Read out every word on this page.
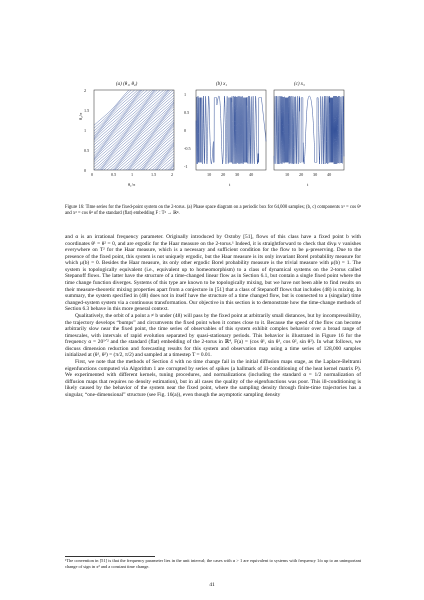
(a) (θ₁, θ₂)
θ₂/π
θ₁/π
0	0.5	1	1.5	2
0
0.5
1
1.5
2
(b) x₁
t
10 20 30 40
-1
-0.5
0
0.5
1
(c) x₃
t
10 20 30 40
Figure 16: Time series for the fixed-point system on the 2-torus. (a) Phase space diagram on a periodic box for 64,000 samples; (b, c) components x¹ = cos θ¹ and x³ = cos θ² of the standard (flat) embedding F : T² → ℝ⁴.

and α is an irrational frequency parameter. Originally introduced by Oxtoby [51], flows of this class have a fixed point b with coordinates θ¹ = θ² = 0, and are ergodic for the Haar measure on the 2-torus.¹ Indeed, it is straightforward to check that divμ v vanishes everywhere on T² for the Haar measure, which is a necessary and sufficient condition for the flow to be μ-preserving. Due to the presence of the fixed point, this system is not uniquely ergodic, but the Haar measure is its only invariant Borel probability measure for which μ(b) = 0. Besides the Haar measure, its only other ergodic Borel probability measure is the trivial measure with μ(b) = 1. The system is topologically equivalent (i.e., equivalent up to homeomorphism) to a class of dynamical systems on the 2-torus called Stepanoff flows. The latter have the structure of a time-changed linear flow as in Section 6.1, but contain a single fixed point where the time change function diverges. Systems of this type are known to be topologically mixing, but we have not been able to find results on their measure-theoretic mixing properties apart from a conjecture in [51] that a class of Stepanoff flows that includes (48) is mixing. In summary, the system specified in (48) does not in itself have the structure of a time changed flow, but is connected to a (singular) time changed-system system via a continuous transformation. Our objective in this section is to demonstrate how the time-change methods of Section 6.3 behave in this more general context.

Qualitatively, the orbit of a point a ≠ b under (48) will pass by the fixed point at arbitrarily small distances, but by incompressibility, the trajectory develops “bumps” and circumvents the fixed point when it comes close to it. Because the speed of the flow can become arbitrarily slow near the fixed point, the time series of observables of this system exhibit complex behavior over a broad range of timescales, with intervals of rapid evolution separated by quasi-stationary periods. This behavior is illustrated in Figure 16 for the frequency α = 20¹ᐟ² and the standard (flat) embedding of the 2-torus in ℝ⁴, F(a) = (cos θ¹, sin θ¹, cos θ², sin θ²). In what follows, we discuss dimension reduction and forecasting results for this system and observation map using a time series of 128,000 samples initialized at (θ¹, θ²) = (π/2, π/2) and sampled at a timestep T = 0.01.

First, we note that the methods of Section 4 with no time change fail in the initial diffusion maps stage, as the Laplace-Beltrami eigenfunctions computed via Algorithm 1 are corrupted by series of spikes (a hallmark of ill-conditioning of the heat kernel matrix P). We experimented with different kernels, tuning procedures, and normalizations (including the standard α = 1/2 normalization of diffusion maps that requires no density estimation), but in all cases the quality of the eigenfunctions was poor. This ill-conditioning is likely caused by the behavior of the system near the fixed point, where the sampling density through finite-time trajectories has a singular, “one-dimensional” structure (see Fig. 16(a)), even though the asymptotic sampling density

¹The convention in [51] is that the frequency parameter lies in the unit interval; the cases with α > 1 are equivalent to systems with frequency 1/α up to an unimportant change of sign in x² and a constant time change.
41
